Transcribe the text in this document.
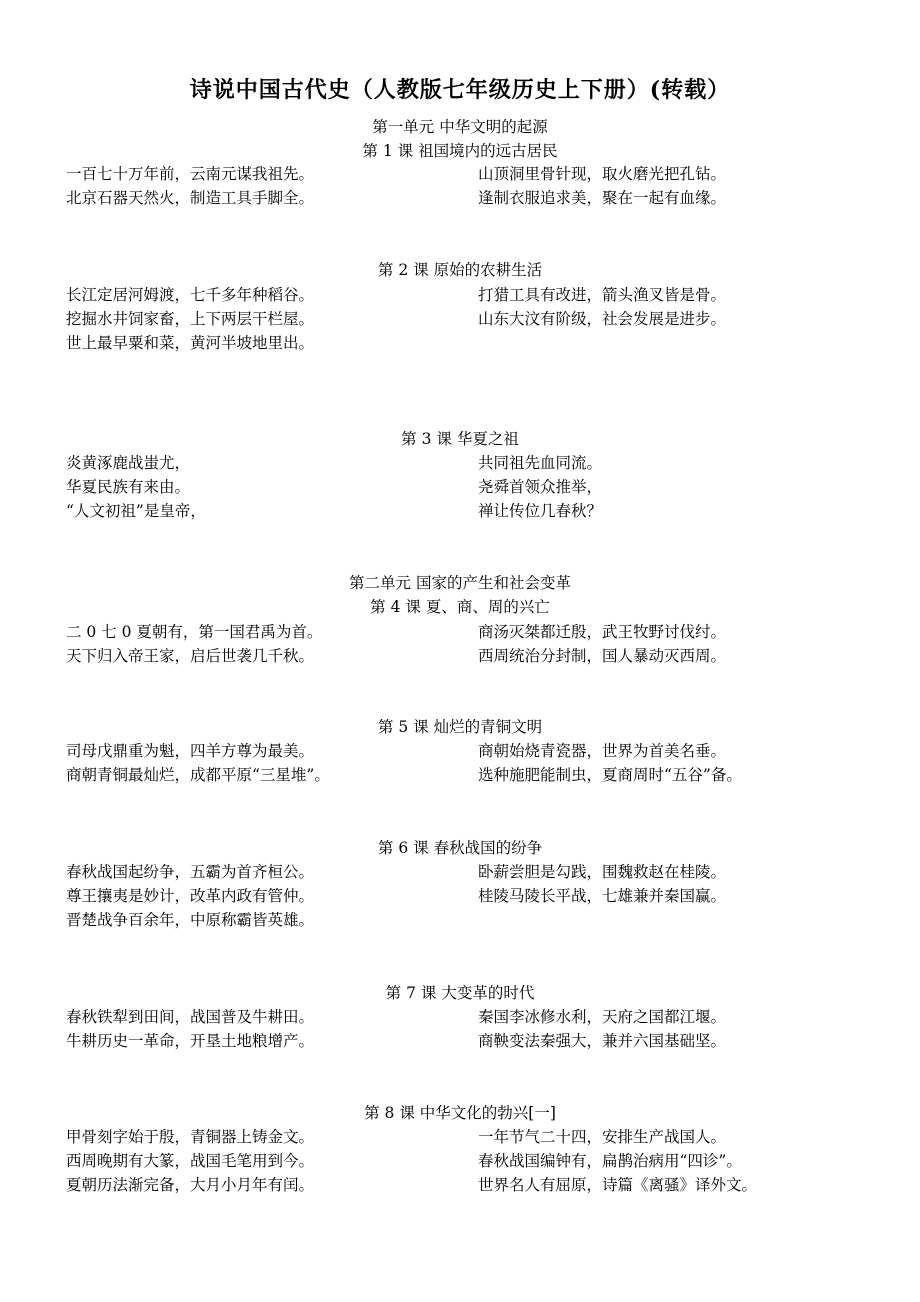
诗说中国古代史（人教版七年级历史上下册）(转载）
第一单元 中华文明的起源
第 1 课 祖国境内的远古居民
一百七十万年前，云南元谋我祖先。
北京石器天然火，制造工具手脚全。
山顶洞里骨针现，取火磨光把孔钻。
逢制衣服追求美，聚在一起有血缘。
第 2 课 原始的农耕生活
长江定居河姆渡，七千多年种稻谷。
挖掘水井饲家畜，上下两层干栏屋。
世上最早粟和菜，黄河半坡地里出。
打猎工具有改进，箭头渔叉皆是骨。
山东大汶有阶级，社会发展是进步。
第 3 课 华夏之祖
炎黄涿鹿战蚩尤，
华夏民族有来由。
“人文初祖”是皇帝，
共同祖先血同流。
尧舜首领众推举，
禅让传位几春秋？
第二单元 国家的产生和社会变革
第 4 课 夏、商、周的兴亡
二 0 七 0 夏朝有，第一国君禹为首。
天下归入帝王家，启后世袭几千秋。
商汤灭桀都迁殷，武王牧野讨伐纣。
西周统治分封制，国人暴动灭西周。
第 5 课 灿烂的青铜文明
司母戊鼎重为魁，四羊方尊为最美。
商朝青铜最灿烂，成都平原“三星堆”。
商朝始烧青瓷器，世界为首美名垂。
选种施肥能制虫，夏商周时“五谷”备。
第 6 课 春秋战国的纷争
春秋战国起纷争，五霸为首齐桓公。
尊王攘夷是妙计，改革内政有管仲。
晋楚战争百余年，中原称霸皆英雄。
卧薪尝胆是勾践，围魏救赵在桂陵。
桂陵马陵长平战，七雄兼并秦国赢。
第 7 课 大变革的时代
春秋铁犁到田间，战国普及牛耕田。
牛耕历史一革命，开垦土地粮增产。
秦国李冰修水利，天府之国都江堰。
商鞅变法秦强大，兼并六国基础坚。
第 8 课 中华文化的勃兴[一]
甲骨刻字始于殷，青铜器上铸金文。
西周晚期有大篆，战国毛笔用到今。
夏朝历法渐完备，大月小月年有闰。
一年节气二十四，安排生产战国人。
春秋战国编钟有，扁鹊治病用“四诊”。
世界名人有屈原，诗篇《离骚》译外文。
